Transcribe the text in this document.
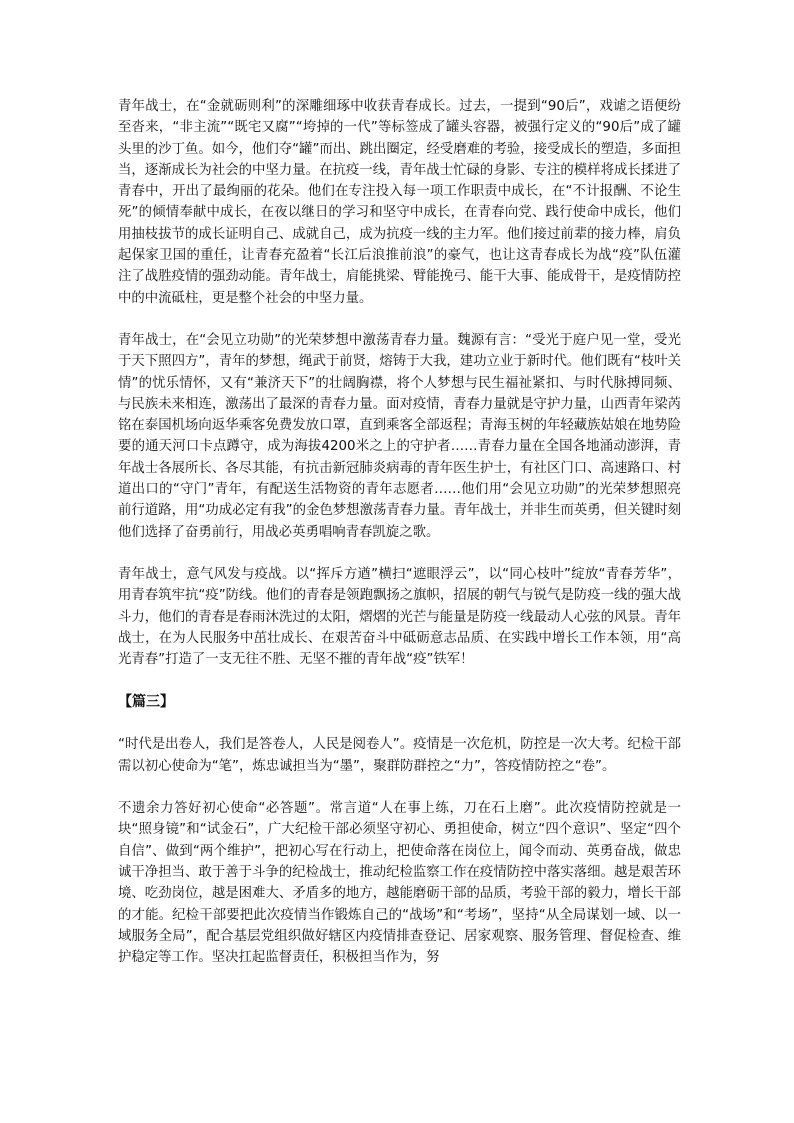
青年战士，在“金就砺则利”的深雕细琢中收获青春成长。过去，一提到“90后”，戏谑之语便纷至沓来，“非主流”“既宅又腐”“垮掉的一代”等标签成了罐头容器，被强行定义的“90后”成了罐头里的沙丁鱼。如今，他们夺“罐”而出、跳出圈定，经受磨难的考验，接受成长的塑造，多面担当，逐渐成长为社会的中坚力量。在抗疫一线，青年战士忙碌的身影、专注的模样将成长揉进了青春中，开出了最绚丽的花朵。他们在专注投入每一项工作职责中成长，在“不计报酬、不论生死”的倾情奉献中成长，在夜以继日的学习和坚守中成长，在青春向党、践行使命中成长，他们用抽枝拔节的成长证明自己、成就自己，成为抗疫一线的主力军。他们接过前辈的接力棒，肩负起保家卫国的重任，让青春充盈着“长江后浪推前浪”的豪气，也让这青春成长为战“疫”队伍灌注了战胜疫情的强劲动能。青年战士，肩能挑梁、臂能挽弓、能干大事、能成骨干，是疫情防控中的中流砥柱，更是整个社会的中坚力量。

青年战士，在“会见立功勋”的光荣梦想中激荡青春力量。魏源有言：“受光于庭户见一堂，受光于天下照四方”，青年的梦想，绳武于前贤，熔铸于大我，建功立业于新时代。他们既有“枝叶关情”的忧乐情怀，又有“兼济天下”的壮阔胸襟，将个人梦想与民生福祉紧扣、与时代脉搏同频、与民族未来相连，激荡出了最深的青春力量。面对疫情，青春力量就是守护力量，山西青年梁芮铭在泰国机场向返华乘客免费发放口罩，直到乘客全部返程；青海玉树的年轻藏族姑娘在地势险要的通天河口卡点蹲守，成为海拔4200米之上的守护者……青春力量在全国各地涌动澎湃，青年战士各展所长、各尽其能，有抗击新冠肺炎病毒的青年医生护士，有社区门口、高速路口、村道出口的“守门”青年，有配送生活物资的青年志愿者……他们用“会见立功勋”的光荣梦想照亮前行道路，用“功成必定有我”的金色梦想激荡青春力量。青年战士，并非生而英勇，但关键时刻他们选择了奋勇前行，用战必英勇唱响青春凯旋之歌。

青年战士，意气风发与疫战。以“挥斥方遒”横扫“遮眼浮云”，以“同心枝叶”绽放“青春芳华”，用青春筑牢抗“疫”防线。他们的青春是领跑飘扬之旗帜，招展的朝气与锐气是防疫一线的强大战斗力，他们的青春是春雨沐洗过的太阳，熠熠的光芒与能量是防疫一线最动人心弦的风景。青年战士，在为人民服务中茁壮成长、在艰苦奋斗中砥砺意志品质、在实践中增长工作本领，用“高光青春”打造了一支无往不胜、无坚不摧的青年战“疫”铁军！

【篇三】

“时代是出卷人，我们是答卷人，人民是阅卷人”。疫情是一次危机，防控是一次大考。纪检干部需以初心使命为“笔”，炼忠诚担当为“墨”，聚群防群控之“力”，答疫情防控之“卷”。

不遗余力答好初心使命“必答题”。常言道“人在事上练，刀在石上磨”。此次疫情防控就是一块“照身镜”和“试金石”，广大纪检干部必须坚守初心、勇担使命，树立“四个意识”、坚定“四个自信”、做到“两个维护”，把初心写在行动上，把使命落在岗位上，闻令而动、英勇奋战，做忠诚干净担当、敢于善于斗争的纪检战士，推动纪检监察工作在疫情防控中落实落细。越是艰苦环境、吃劲岗位，越是困难大、矛盾多的地方，越能磨砺干部的品质，考验干部的毅力，增长干部的才能。纪检干部要把此次疫情当作锻炼自己的“战场”和“考场”，坚持“从全局谋划一域、以一域服务全局”，配合基层党组织做好辖区内疫情排查登记、居家观察、服务管理、督促检查、维护稳定等工作。坚决扛起监督责任，积极担当作为，努
